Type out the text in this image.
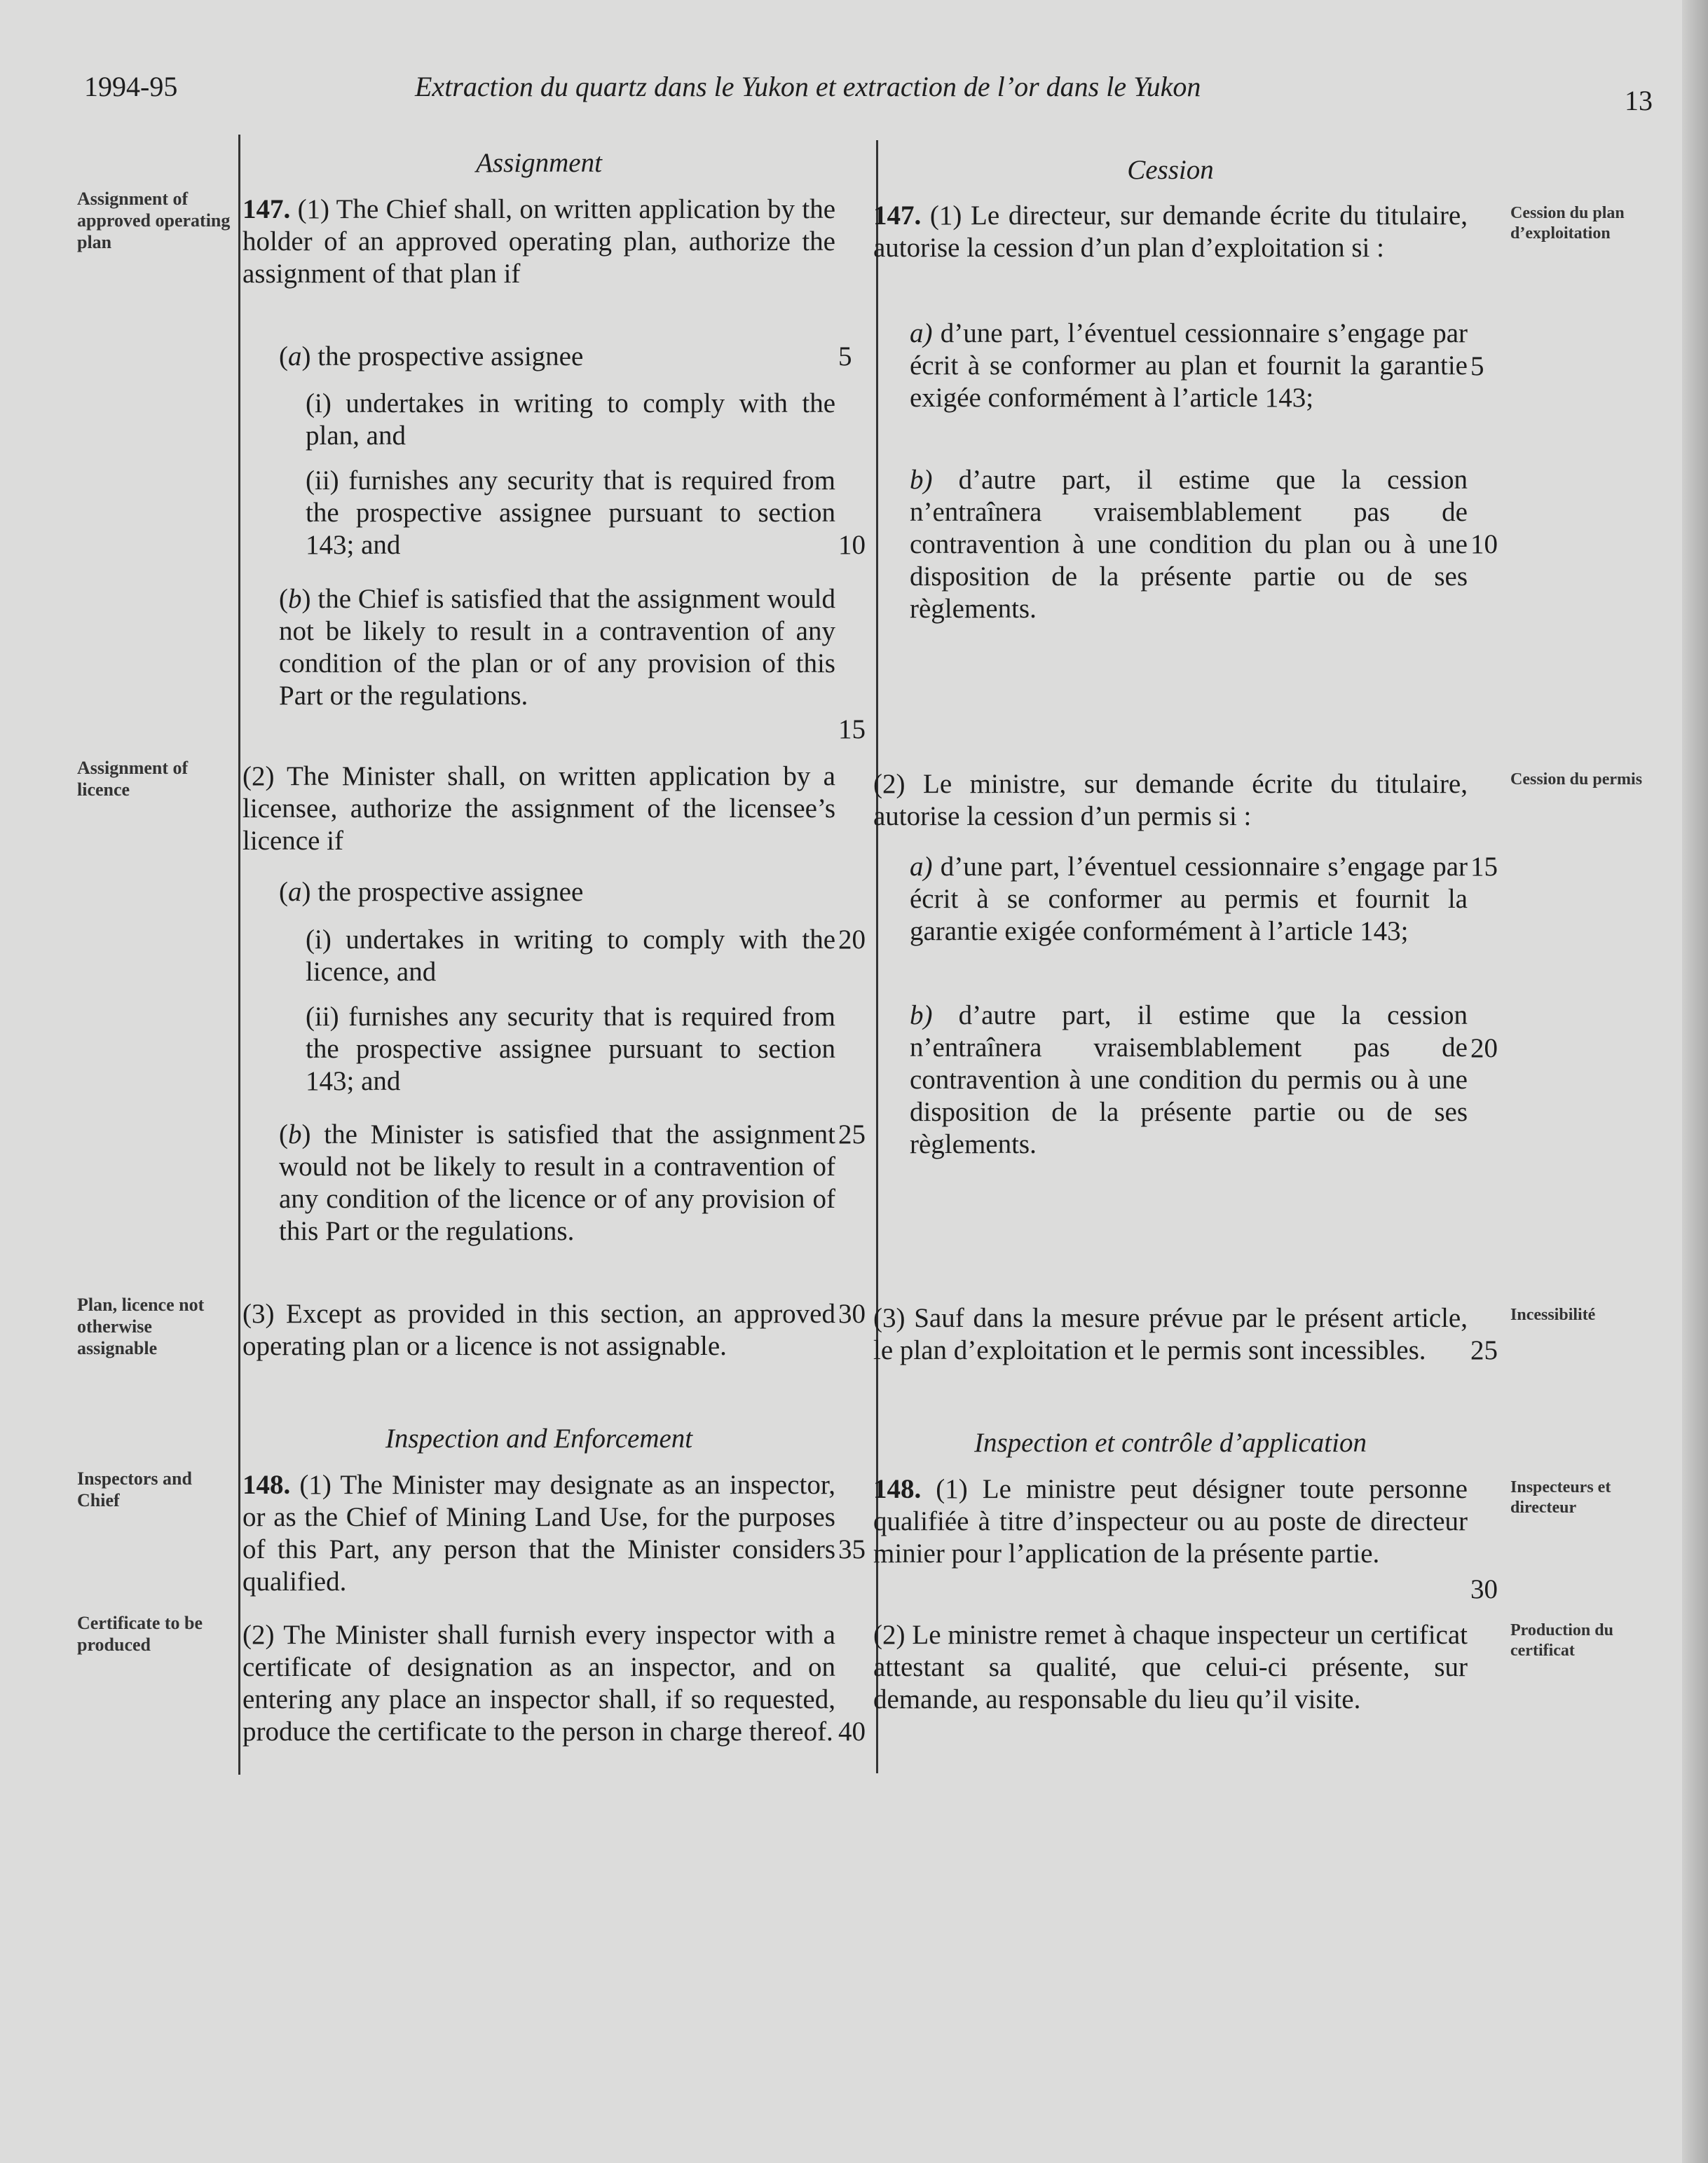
1994-95	Extraction du quartz dans le Yukon et extraction de l’or dans le Yukon	13
Assignment
147. (1) The Chief shall, on written application by the holder of an approved operating plan, authorize the assignment of that plan if
(a) the prospective assignee
(i) undertakes in writing to comply with the plan, and
(ii) furnishes any security that is required from the prospective assignee pursuant to section 143; and
(b) the Chief is satisfied that the assignment would not be likely to result in a contravention of any condition of the plan or of any provision of this Part or the regulations.
(2) The Minister shall, on written application by a licensee, authorize the assignment of the licensee’s licence if
(a) the prospective assignee
(i) undertakes in writing to comply with the licence, and
(ii) furnishes any security that is required from the prospective assignee pursuant to section 143; and
(b) the Minister is satisfied that the assignment would not be likely to result in a contravention of any condition of the licence or of any provision of this Part or the regulations.
(3) Except as provided in this section, an approved operating plan or a licence is not assignable.
Inspection and Enforcement
148. (1) The Minister may designate as an inspector, or as the Chief of Mining Land Use, for the purposes of this Part, any person that the Minister considers qualified.
(2) The Minister shall furnish every inspector with a certificate of designation as an inspector, and on entering any place an inspector shall, if so requested, produce the certificate to the person in charge thereof.
5
10
15
20
25
30
35
40
Cession
147. (1) Le directeur, sur demande écrite du titulaire, autorise la cession d’un plan d’exploitation si :
a) d’une part, l’éventuel cessionnaire s’engage par écrit à se conformer au plan et fournit la garantie exigée conformément à l’article 143;
b) d’autre part, il estime que la cession n’entraînera vraisemblablement pas de contravention à une condition du plan ou à une disposition de la présente partie ou de ses règlements.
(2) Le ministre, sur demande écrite du titulaire, autorise la cession d’un permis si :
a) d’une part, l’éventuel cessionnaire s’engage par écrit à se conformer au permis et fournit la garantie exigée conformément à l’article 143;
b) d’autre part, il estime que la cession n’entraînera vraisemblablement pas de contravention à une condition du permis ou à une disposition de la présente partie ou de ses règlements.
(3) Sauf dans la mesure prévue par le présent article, le plan d’exploitation et le permis sont incessibles.
Inspection et contrôle d’application
148. (1) Le ministre peut désigner toute personne qualifiée à titre d’inspecteur ou au poste de directeur minier pour l’application de la présente partie.
(2) Le ministre remet à chaque inspecteur un certificat attestant sa qualité, que celui-ci présente, sur demande, au responsable du lieu qu’il visite.
5
10
15
20
25
30
Assignment of approved operating plan
Assignment of licence
Plan, licence not otherwise assignable
Inspectors and Chief
Certificate to be produced
Cession du plan d’exploitation
Cession du permis
Incessibilité
Inspecteurs et directeur
Production du certificat
